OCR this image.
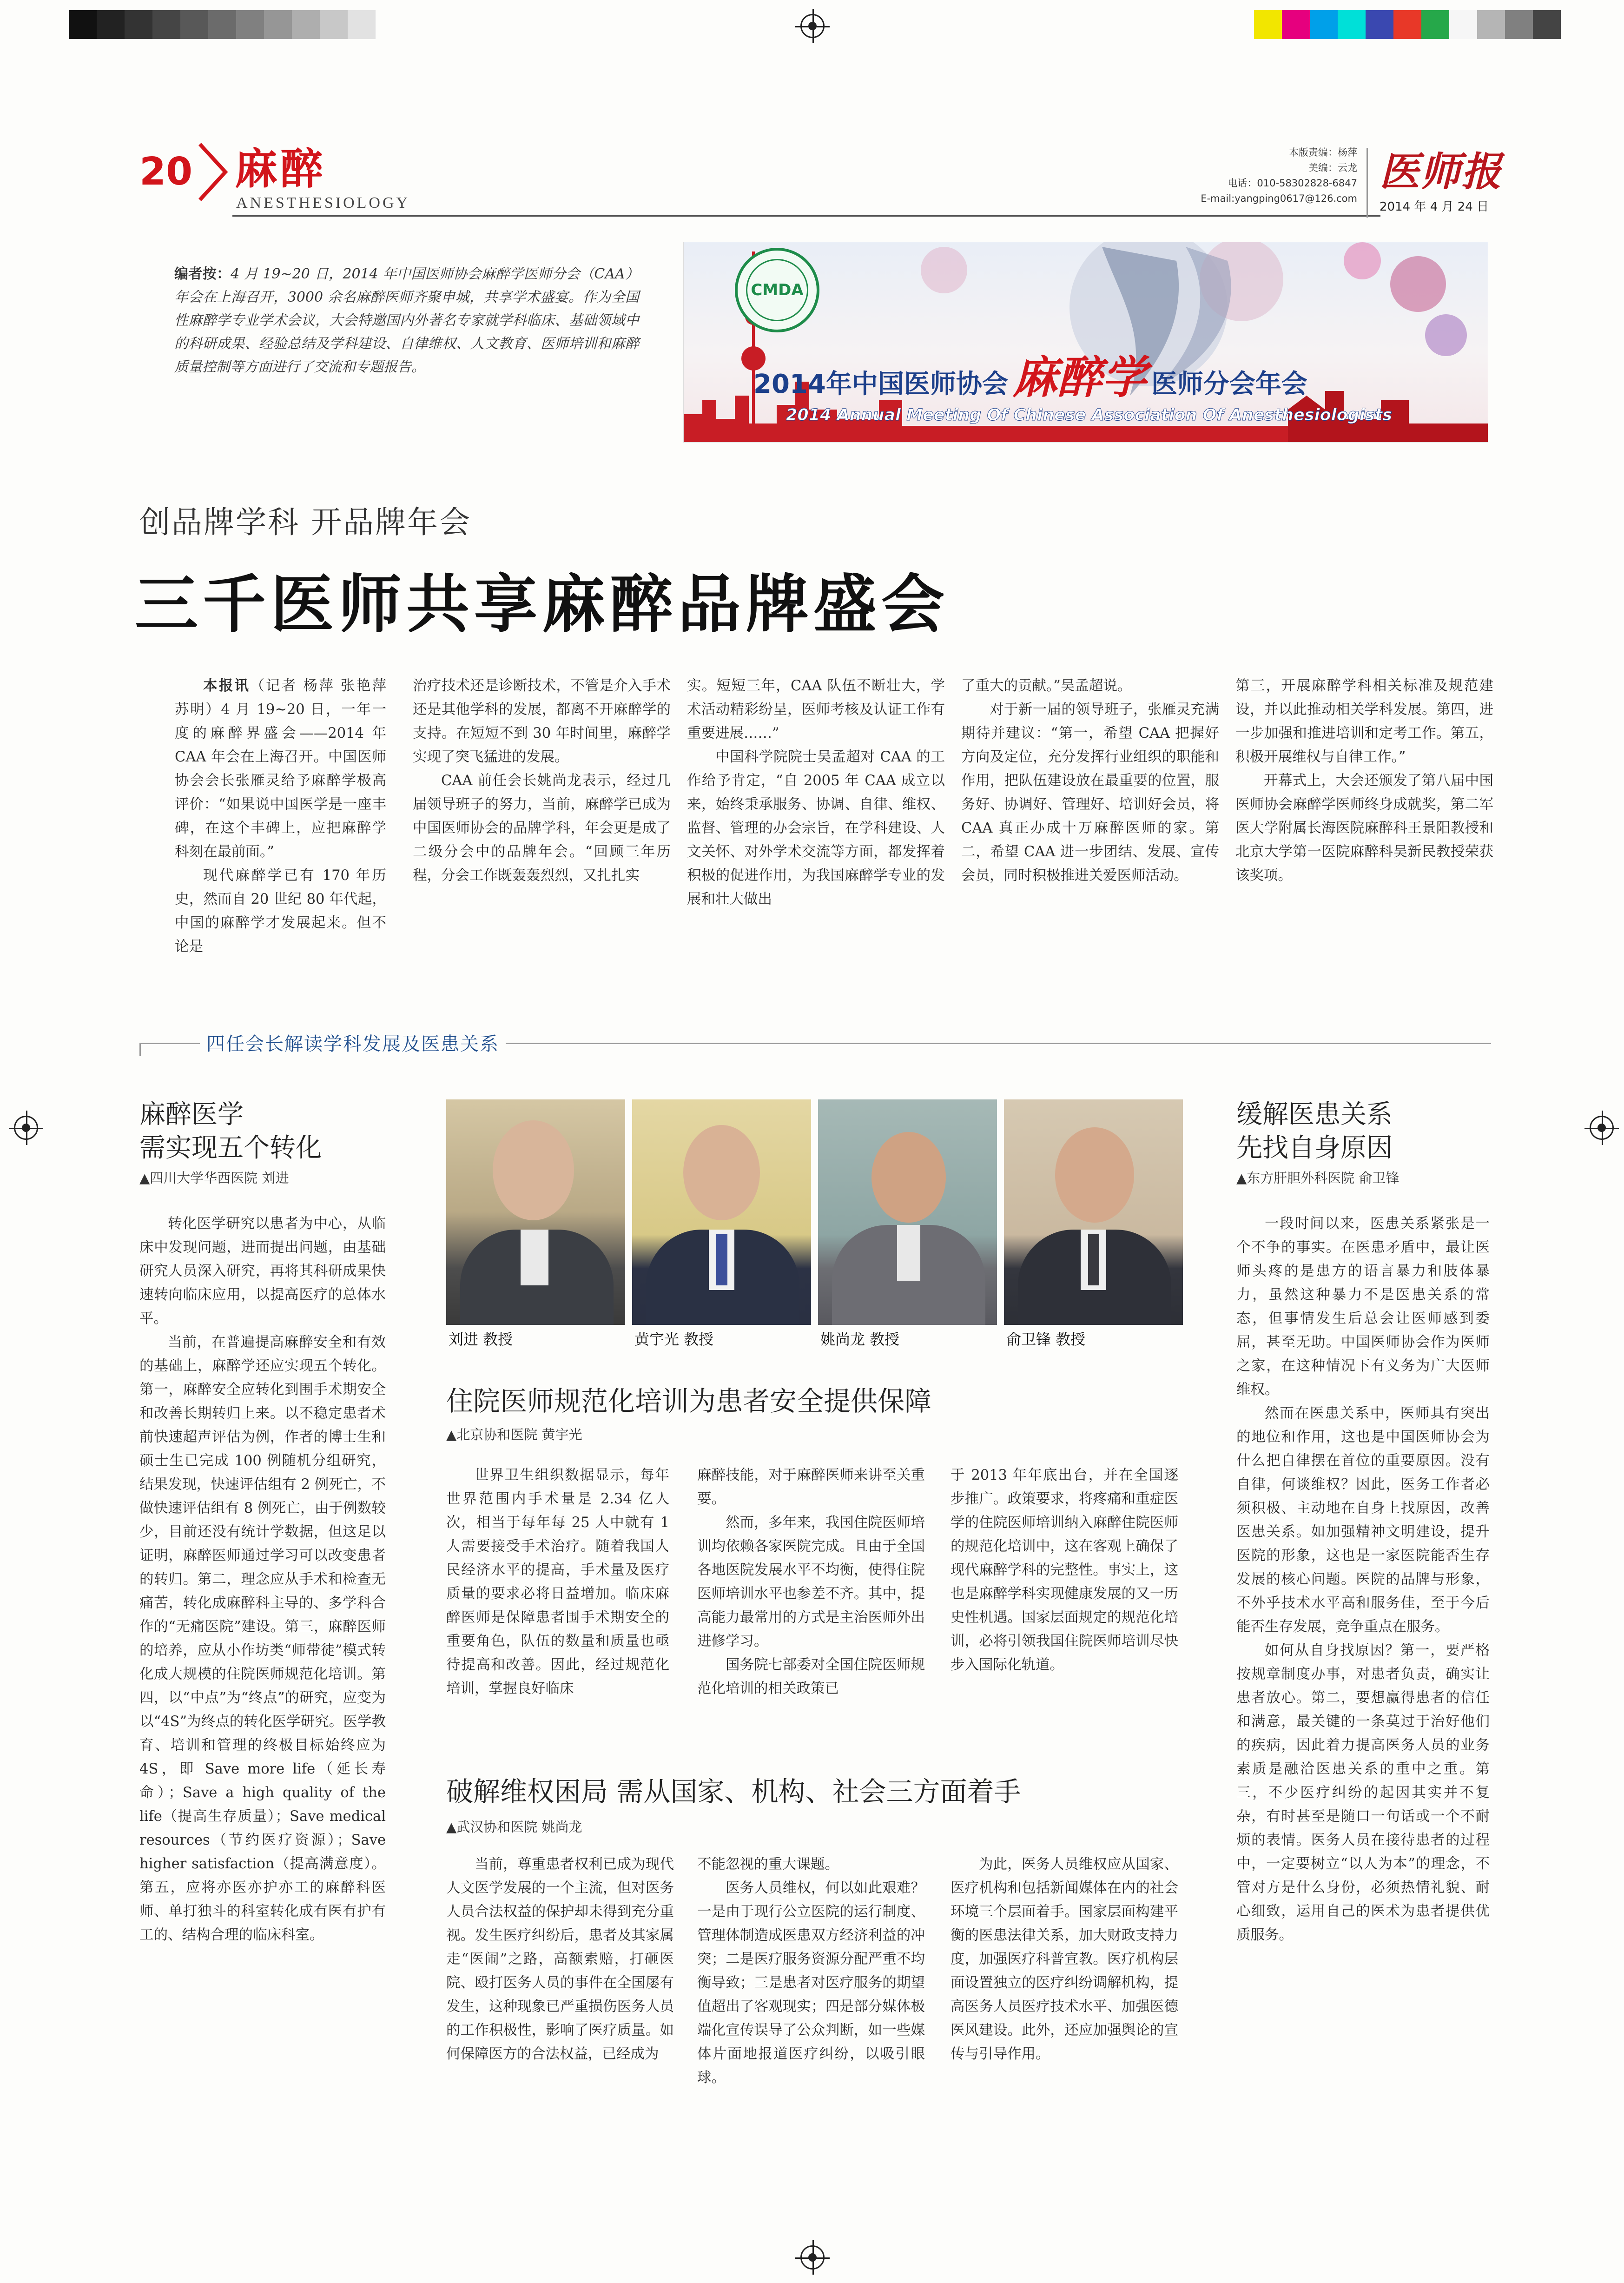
20 麻醉
ANESTHESIOLOGY
本版责编：杨萍
美编：云龙
电话：010-58302828-6847
E-mail:yangping0617@126.com
医师报
2014 年 4 月 24 日
编者按：4 月 19~20 日，2014 年中国医师协会麻醉学医师分会（CAA）年会在上海召开，3000 余名麻醉医师齐聚申城，共享学术盛宴。作为全国性麻醉学专业学术会议，大会特邀国内外著名专家就学科临床、基础领域中的科研成果、经验总结及学科建设、自律维权、人文教育、医师培训和麻醉质量控制等方面进行了交流和专题报告。
CMDA
2014年中国医师协会 麻醉学 医师分会年会
2014 Annual Meeting Of Chinese Association Of Anesthesiologists
创品牌学科 开品牌年会
三千医师共享麻醉品牌盛会

本报讯（记者 杨萍 张艳萍 苏明）4 月 19~20 日，一年一度的麻醉界盛会——2014 年 CAA 年会在上海召开。中国医师协会会长张雁灵给予麻醉学极高评价：“如果说中国医学是一座丰碑，在这个丰碑上，应把麻醉学科刻在最前面。”

现代麻醉学已有 170 年历史，然而自 20 世纪 80 年代起，中国的麻醉学才发展起来。但不论是

治疗技术还是诊断技术，不管是介入手术还是其他学科的发展，都离不开麻醉学的支持。在短短不到 30 年时间里，麻醉学实现了突飞猛进的发展。

CAA 前任会长姚尚龙表示，经过几届领导班子的努力，当前，麻醉学已成为中国医师协会的品牌学科，年会更是成了二级分会中的品牌年会。“回顾三年历程，分会工作既轰轰烈烈，又扎扎实

实。短短三年，CAA 队伍不断壮大，学术活动精彩纷呈，医师考核及认证工作有重要进展……”

中国科学院院士吴孟超对 CAA 的工作给予肯定，“自 2005 年 CAA 成立以来，始终秉承服务、协调、自律、维权、监督、管理的办会宗旨，在学科建设、人文关怀、对外学术交流等方面，都发挥着积极的促进作用，为我国麻醉学专业的发展和壮大做出

了重大的贡献。”吴孟超说。

对于新一届的领导班子，张雁灵充满期待并建议：“第一，希望 CAA 把握好方向及定位，充分发挥行业组织的职能和作用，把队伍建设放在最重要的位置，服务好、协调好、管理好、培训好会员，将 CAA 真正办成十万麻醉医师的家。第二，希望 CAA 进一步团结、发展、宣传会员，同时积极推进关爱医师活动。

第三，开展麻醉学科相关标准及规范建设，并以此推动相关学科发展。第四，进一步加强和推进培训和定考工作。第五，积极开展维权与自律工作。”

开幕式上，大会还颁发了第八届中国医师协会麻醉学医师终身成就奖，第二军医大学附属长海医院麻醉科王景阳教授和北京大学第一医院麻醉科吴新民教授荣获该奖项。

四任会长解读学科发展及医患关系
麻醉医学
需实现五个转化
▲四川大学华西医院 刘进

转化医学研究以患者为中心，从临床中发现问题，进而提出问题，由基础研究人员深入研究，再将其科研成果快速转向临床应用，以提高医疗的总体水平。

当前，在普遍提高麻醉安全和有效的基础上，麻醉学还应实现五个转化。第一，麻醉安全应转化到围手术期安全和改善长期转归上来。以不稳定患者术前快速超声评估为例，作者的博士生和硕士生已完成 100 例随机分组研究，结果发现，快速评估组有 2 例死亡，不做快速评估组有 8 例死亡，由于例数较少，目前还没有统计学数据，但这足以证明，麻醉医师通过学习可以改变患者的转归。第二，理念应从手术和检查无痛苦，转化成麻醉科主导的、多学科合作的“无痛医院”建设。第三，麻醉医师的培养，应从小作坊类“师带徒”模式转化成大规模的住院医师规范化培训。第四，以“中点”为“终点”的研究，应变为以“4S”为终点的转化医学研究。医学教育、培训和管理的终极目标始终应为 4S，即 Save more life（延长寿命）；Save a high quality of the life（提高生存质量）；Save medical resources（节约医疗资源）；Save higher satisfaction（提高满意度）。第五，应将亦医亦护亦工的麻醉科医师、单打独斗的科室转化成有医有护有工的、结构合理的临床科室。

刘进 教授	黄宇光 教授	姚尚龙 教授	俞卫锋 教授
住院医师规范化培训为患者安全提供保障
▲北京协和医院 黄宇光

世界卫生组织数据显示，每年世界范围内手术量是 2.34 亿人次，相当于每年每 25 人中就有 1 人需要接受手术治疗。随着我国人民经济水平的提高，手术量及医疗质量的要求必将日益增加。临床麻醉医师是保障患者围手术期安全的重要角色，队伍的数量和质量也亟待提高和改善。因此，经过规范化培训，掌握良好临床

麻醉技能，对于麻醉医师来讲至关重要。

然而，多年来，我国住院医师培训均依赖各家医院完成。且由于全国各地医院发展水平不均衡，使得住院医师培训水平也参差不齐。其中，提高能力最常用的方式是主治医师外出进修学习。

国务院七部委对全国住院医师规范化培训的相关政策已

于 2013 年年底出台，并在全国逐步推广。政策要求，将疼痛和重症医学的住院医师培训纳入麻醉住院医师的规范化培训中，这在客观上确保了现代麻醉学科的完整性。事实上，这也是麻醉学科实现健康发展的又一历史性机遇。国家层面规定的规范化培训，必将引领我国住院医师培训尽快步入国际化轨道。

破解维权困局 需从国家、机构、社会三方面着手
▲武汉协和医院 姚尚龙

当前，尊重患者权利已成为现代人文医学发展的一个主流，但对医务人员合法权益的保护却未得到充分重视。发生医疗纠纷后，患者及其家属走“医闹”之路，高额索赔，打砸医院、殴打医务人员的事件在全国屡有发生，这种现象已严重损伤医务人员的工作积极性，影响了医疗质量。如何保障医方的合法权益，已经成为

不能忽视的重大课题。

医务人员维权，何以如此艰难？一是由于现行公立医院的运行制度、管理体制造成医患双方经济利益的冲突；二是医疗服务资源分配严重不均衡导致；三是患者对医疗服务的期望值超出了客观现实；四是部分媒体极端化宣传误导了公众判断，如一些媒体片面地报道医疗纠纷，以吸引眼球。

为此，医务人员维权应从国家、医疗机构和包括新闻媒体在内的社会环境三个层面着手。国家层面构建平衡的医患法律关系，加大财政支持力度，加强医疗科普宣教。医疗机构层面设置独立的医疗纠纷调解机构，提高医务人员医疗技术水平、加强医德医风建设。此外，还应加强舆论的宣传与引导作用。

缓解医患关系
先找自身原因
▲东方肝胆外科医院 俞卫锋

一段时间以来，医患关系紧张是一个不争的事实。在医患矛盾中，最让医师头疼的是患方的语言暴力和肢体暴力，虽然这种暴力不是医患关系的常态，但事情发生后总会让医师感到委屈，甚至无助。中国医师协会作为医师之家，在这种情况下有义务为广大医师维权。

然而在医患关系中，医师具有突出的地位和作用，这也是中国医师协会为什么把自律摆在首位的重要原因。没有自律，何谈维权？因此，医务工作者必须积极、主动地在自身上找原因，改善医患关系。如加强精神文明建设，提升医院的形象，这也是一家医院能否生存发展的核心问题。医院的品牌与形象，不外乎技术水平高和服务佳，至于今后能否生存发展，竞争重点在服务。

如何从自身找原因？第一，要严格按规章制度办事，对患者负责，确实让患者放心。第二，要想赢得患者的信任和满意，最关键的一条莫过于治好他们的疾病，因此着力提高医务人员的业务素质是融洽医患关系的重中之重。第三，不少医疗纠纷的起因其实并不复杂，有时甚至是随口一句话或一个不耐烦的表情。医务人员在接待患者的过程中，一定要树立“以人为本”的理念，不管对方是什么身份，必须热情礼貌、耐心细致，运用自己的医术为患者提供优质服务。
